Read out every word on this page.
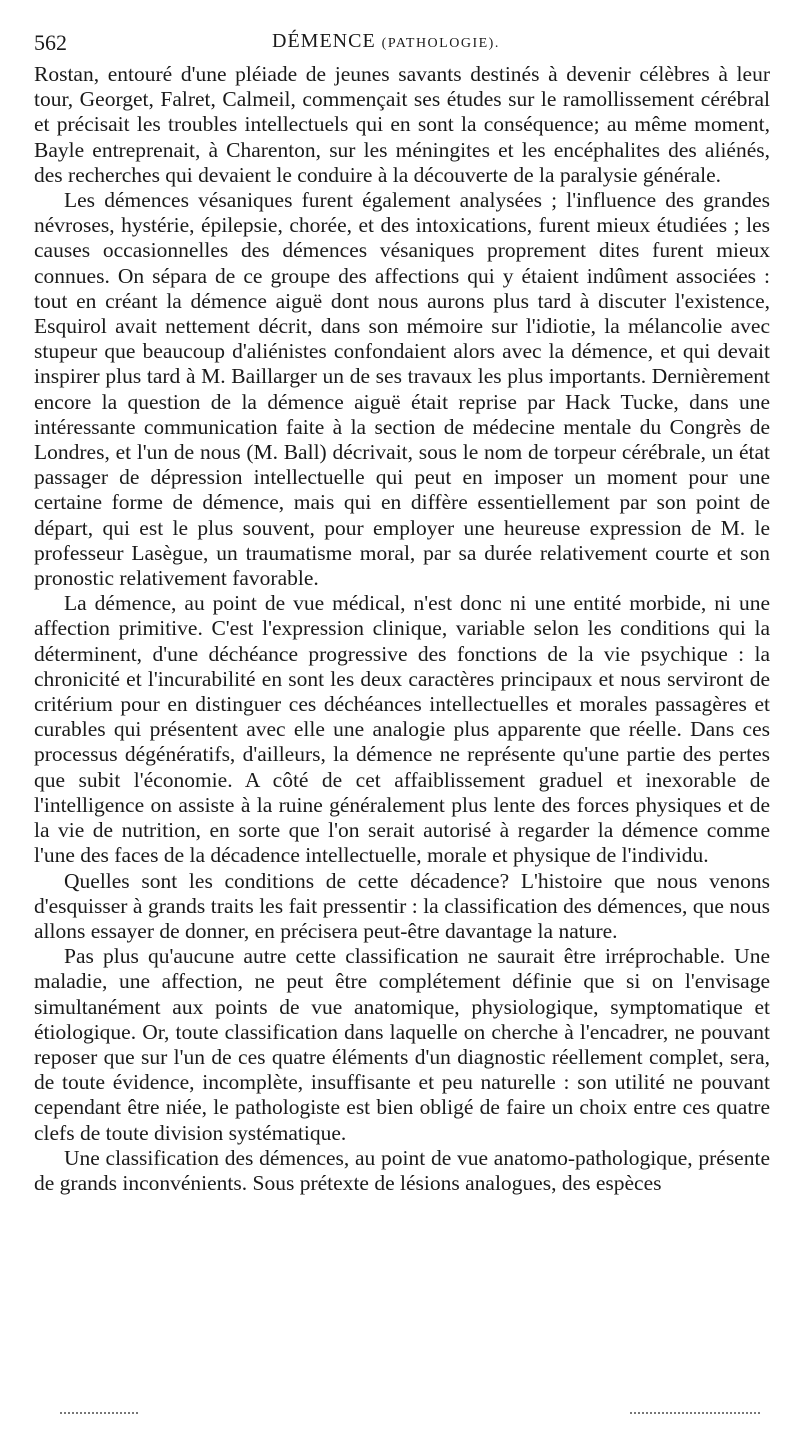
562	DÉMENCE (PATHOLOGIE).

Rostan, entouré d'une pléiade de jeunes savants destinés à devenir célèbres à leur tour, Georget, Falret, Calmeil, commençait ses études sur le ramollissement cérébral et précisait les troubles intellectuels qui en sont la conséquence; au même moment, Bayle entreprenait, à Charenton, sur les méningites et les encéphalites des aliénés, des recherches qui devaient le conduire à la découverte de la paralysie générale.

Les démences vésaniques furent également analysées ; l'influence des grandes névroses, hystérie, épilepsie, chorée, et des intoxications, furent mieux étudiées ; les causes occasionnelles des démences vésaniques proprement dites furent mieux connues. On sépara de ce groupe des affections qui y étaient indûment associées : tout en créant la démence aiguë dont nous aurons plus tard à discuter l'existence, Esquirol avait nettement décrit, dans son mémoire sur l'idiotie, la mélancolie avec stupeur que beaucoup d'aliénistes confondaient alors avec la démence, et qui devait inspirer plus tard à M. Baillarger un de ses travaux les plus importants. Dernièrement encore la question de la démence aiguë était reprise par Hack Tucke, dans une intéressante communication faite à la section de médecine mentale du Congrès de Londres, et l'un de nous (M. Ball) décrivait, sous le nom de torpeur cérébrale, un état passager de dépression intellectuelle qui peut en imposer un moment pour une certaine forme de démence, mais qui en diffère essentiellement par son point de départ, qui est le plus souvent, pour employer une heureuse expression de M. le professeur Lasègue, un traumatisme moral, par sa durée relativement courte et son pronostic relativement favorable.

La démence, au point de vue médical, n'est donc ni une entité morbide, ni une affection primitive. C'est l'expression clinique, variable selon les conditions qui la déterminent, d'une déchéance progressive des fonctions de la vie psychique : la chronicité et l'incurabilité en sont les deux caractères principaux et nous serviront de critérium pour en distinguer ces déchéances intellectuelles et morales passagères et curables qui présentent avec elle une analogie plus apparente que réelle. Dans ces processus dégénératifs, d'ailleurs, la démence ne représente qu'une partie des pertes que subit l'économie. A côté de cet affaiblissement graduel et inexorable de l'intelligence on assiste à la ruine généralement plus lente des forces physiques et de la vie de nutrition, en sorte que l'on serait autorisé à regarder la démence comme l'une des faces de la décadence intellectuelle, morale et physique de l'individu.

Quelles sont les conditions de cette décadence? L'histoire que nous venons d'esquisser à grands traits les fait pressentir : la classification des démences, que nous allons essayer de donner, en précisera peut-être davantage la nature.

Pas plus qu'aucune autre cette classification ne saurait être irréprochable. Une maladie, une affection, ne peut être complétement définie que si on l'envisage simultanément aux points de vue anatomique, physiologique, symptomatique et étiologique. Or, toute classification dans laquelle on cherche à l'encadrer, ne pouvant reposer que sur l'un de ces quatre éléments d'un diagnostic réellement complet, sera, de toute évidence, incomplète, insuffisante et peu naturelle : son utilité ne pouvant cependant être niée, le pathologiste est bien obligé de faire un choix entre ces quatre clefs de toute division systématique.

Une classification des démences, au point de vue anatomo-pathologique, présente de grands inconvénients. Sous prétexte de lésions analogues, des espèces
